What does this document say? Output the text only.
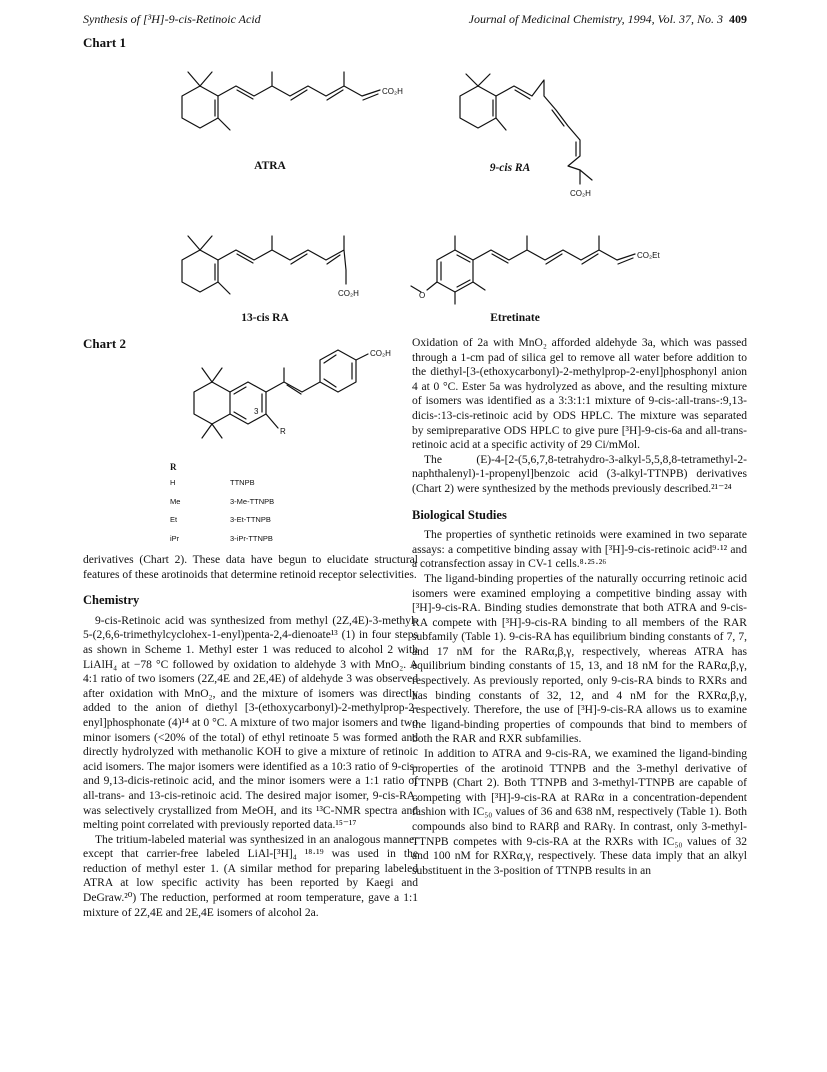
Synthesis of [³H]-9-cis-Retinoic Acid	Journal of Medicinal Chemistry, 1994, Vol. 37, No. 3 409
Chart 1
CO₂H
ATRA
CO₂H
9-cis RA
CO₂H
13-cis RA
O
CO₂Et
Etretinate
Chart 2
R
3
CO₂H
R
H	TTNPB
Me	3-Me-TTNPB
Et	3-Et-TTNPB
iPr	3-iPr-TTNPB

derivatives (Chart 2). These data have begun to elucidate structural features of these arotinoids that determine retinoid receptor selectivities.

Chemistry

9-cis-Retinoic acid was synthesized from methyl (2Z,4E)-3-methyl-5-(2,6,6-trimethylcyclohex-1-enyl)penta-2,4-dienoate¹³ (1) in four steps as shown in Scheme 1. Methyl ester 1 was reduced to alcohol 2 with LiAlH₄ at −78 °C followed by oxidation to aldehyde 3 with MnO₂. A 4:1 ratio of two isomers (2Z,4E and 2E,4E) of aldehyde 3 was observed after oxidation with MnO₂, and the mixture of isomers was directly added to the anion of diethyl [3-(ethoxycarbonyl)-2-methylprop-2-enyl]phosphonate (4)¹⁴ at 0 °C. A mixture of two major isomers and two minor isomers (<20% of the total) of ethyl retinoate 5 was formed and directly hydrolyzed with methanolic KOH to give a mixture of retinoic acid isomers. The major isomers were identified as a 10:3 ratio of 9-cis- and 9,13-dicis-retinoic acid, and the minor isomers were a 1:1 ratio of all-trans- and 13-cis-retinoic acid. The desired major isomer, 9-cis-RA, was selectively crystallized from MeOH, and its ¹³C-NMR spectra and melting point correlated with previously reported data.¹⁵⁻¹⁷

The tritium-labeled material was synthesized in an analogous manner except that carrier-free labeled LiAl-[³H]₄ ¹⁸·¹⁹ was used in the reduction of methyl ester 1. (A similar method for preparing labeled ATRA at low specific activity has been reported by Kaegi and DeGraw.²⁰) The reduction, performed at room temperature, gave a 1:1 mixture of 2Z,4E and 2E,4E isomers of alcohol 2a.

Oxidation of 2a with MnO₂ afforded aldehyde 3a, which was passed through a 1-cm pad of silica gel to remove all water before addition to the diethyl-[3-(ethoxycarbonyl)-2-methylprop-2-enyl]phosphonyl anion 4 at 0 °C. Ester 5a was hydrolyzed as above, and the resulting mixture of isomers was identified as a 3:3:1:1 mixture of 9-cis-:all-trans-:9,13-dicis-:13-cis-retinoic acid by ODS HPLC. The mixture was separated by semipreparative ODS HPLC to give pure [³H]-9-cis-6a and all-trans-retinoic acid at a specific activity of 29 Ci/mMol.

The (E)-4-[2-(5,6,7,8-tetrahydro-3-alkyl-5,5,8,8-tetramethyl-2-naphthalenyl)-1-propenyl]benzoic acid (3-alkyl-TTNPB) derivatives (Chart 2) were synthesized by the methods previously described.²¹⁻²⁴

Biological Studies

The properties of synthetic retinoids were examined in two separate assays: a competitive binding assay with [³H]-9-cis-retinoic acid⁹·¹² and a cotransfection assay in CV-1 cells.⁸·²⁵·²⁶

The ligand-binding properties of the naturally occurring retinoic acid isomers were examined employing a competitive binding assay with [³H]-9-cis-RA. Binding studies demonstrate that both ATRA and 9-cis-RA compete with [³H]-9-cis-RA binding to all members of the RAR subfamily (Table 1). 9-cis-RA has equilibrium binding constants of 7, 7, and 17 nM for the RARα,β,γ, respectively, whereas ATRA has equilibrium binding constants of 15, 13, and 18 nM for the RARα,β,γ, respectively. As previously reported, only 9-cis-RA binds to RXRs and has binding constants of 32, 12, and 4 nM for the RXRα,β,γ, respectively. Therefore, the use of [³H]-9-cis-RA allows us to examine the ligand-binding properties of compounds that bind to members of both the RAR and RXR subfamilies.

In addition to ATRA and 9-cis-RA, we examined the ligand-binding properties of the arotinoid TTNPB and the 3-methyl derivative of TTNPB (Chart 2). Both TTNPB and 3-methyl-TTNPB are capable of competing with [³H]-9-cis-RA at RARα in a concentration-dependent fashion with IC₅₀ values of 36 and 638 nM, respectively (Table 1). Both compounds also bind to RARβ and RARγ. In contrast, only 3-methyl-TTNPB competes with 9-cis-RA at the RXRs with IC₅₀ values of 32 and 100 nM for RXRα,γ, respectively. These data imply that an alkyl substituent in the 3-position of TTNPB results in an
